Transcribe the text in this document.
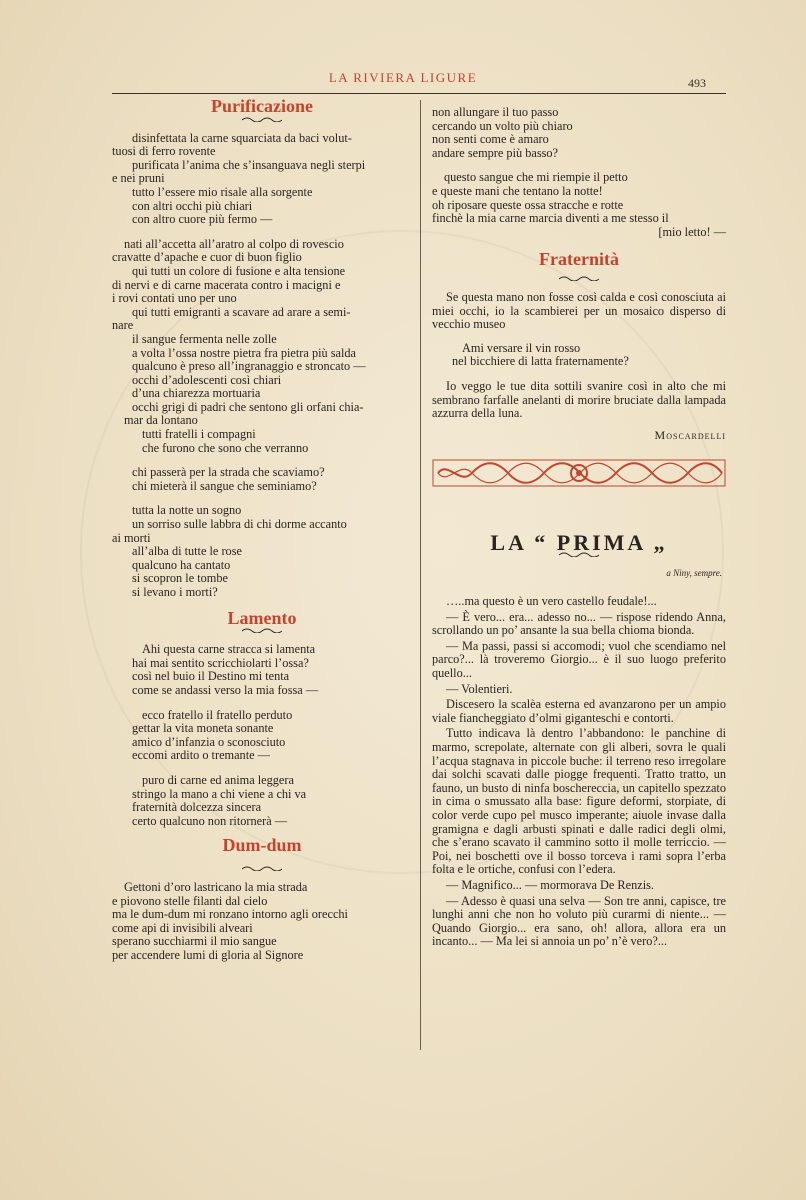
LA RIVIERA LIGURE	493
Purificazione

disinfettata la carne squarciata da baci volut-

tuosi di ferro rovente

purificata l’anima che s’insanguava negli sterpi

e nei pruni

tutto l’essere mio risale alla sorgente

con altri occhi più chiari

con altro cuore più fermo —

nati all’accetta all’aratro al colpo di rovescio

cravatte d’apache e cuor di buon figlio

qui tutti un colore di fusione e alta tensione

di nervi e di carne macerata contro i macigni e

i rovi contati uno per uno

qui tutti emigranti a scavare ad arare a semi-

nare

il sangue fermenta nelle zolle

a volta l’ossa nostre pietra fra pietra più salda

qualcuno è preso all’ingranaggio e stroncato —

occhi d’adolescenti così chiari

d’una chiarezza mortuaria

occhi grigi di padri che sentono gli orfani chia-

mar da lontano

tutti fratelli i compagni

che furono che sono che verranno

chi passerà per la strada che scaviamo?

chi mieterà il sangue che seminiamo?

tutta la notte un sogno

un sorriso sulle labbra di chi dorme accanto

ai morti

all’alba di tutte le rose

qualcuno ha cantato

si scopron le tombe

si levano i morti?

Lamento

Ahi questa carne stracca si lamenta

hai mai sentito scricchiolarti l’ossa?

così nel buio il Destino mi tenta

come se andassi verso la mia fossa —

ecco fratello il fratello perduto

gettar la vita moneta sonante

amico d’infanzia o sconosciuto

eccomi ardito o tremante —

puro di carne ed anima leggera

stringo la mano a chi viene a chi va

fraternità dolcezza sincera

certo qualcuno non ritornerà —

Dum-dum

Gettoni d’oro lastricano la mia strada

e piovono stelle filanti dal cielo

ma le dum-dum mi ronzano intorno agli orecchi

come api di invisibili alveari

sperano succhiarmi il mio sangue

per accendere lumi di gloria al Signore

non allungare il tuo passo

cercando un volto più chiaro

non senti come è amaro

andare sempre più basso?

questo sangue che mi riempie il petto

e queste mani che tentano la notte!

oh riposare queste ossa stracche e rotte

finchè la mia carne marcia diventi a me stesso il

[mio letto! —

Fraternità

Se questa mano non fosse così calda e così conosciuta ai miei occhi, io la scambierei per un mosaico disperso di vecchio museo

Ami versare il vin rosso

nel bicchiere di latta fraternamente?

Io veggo le tue dita sottili svanire così in alto che mi sembrano farfalle anelanti di morire bruciate dalla lampada azzurra della luna.

Moscardelli
LA “ PRIMA „
a Niny, sempre.

…..ma questo è un vero castello feudale!...

— È vero... era... adesso no... — rispose ridendo Anna, scrollando un po’ ansante la sua bella chioma bionda.

— Ma passi, passi si accomodi; vuol che scendiamo nel parco?... là troveremo Giorgio... è il suo luogo preferito quello...

— Volentieri.

Discesero la scalèa esterna ed avanzarono per un ampio viale fiancheggiato d’olmi giganteschi e contorti.

Tutto indicava là dentro l’abbandono: le panchine di marmo, screpolate, alternate con gli alberi, sovra le quali l’acqua stagnava in piccole buche: il terreno reso irregolare dai solchi scavati dalle piogge frequenti. Tratto tratto, un fauno, un busto di ninfa boschereccia, un capitello spezzato in cima o smussato alla base: figure deformi, storpiate, di color verde cupo pel musco imperante; aiuole invase dalla gramigna e dagli arbusti spinati e dalle radici degli olmi, che s’erano scavato il cammino sotto il molle terriccio. — Poi, nei boschetti ove il bosso torceva i rami sopra l’erba folta e le ortiche, confusi con l’edera.

— Magnifico... — mormorava De Renzis.

— Adesso è quasi una selva — Son tre anni, capisce, tre lunghi anni che non ho voluto più curarmi di niente... — Quando Giorgio... era sano, oh! allora, allora era un incanto... — Ma lei si annoia un po’ n’è vero?...
